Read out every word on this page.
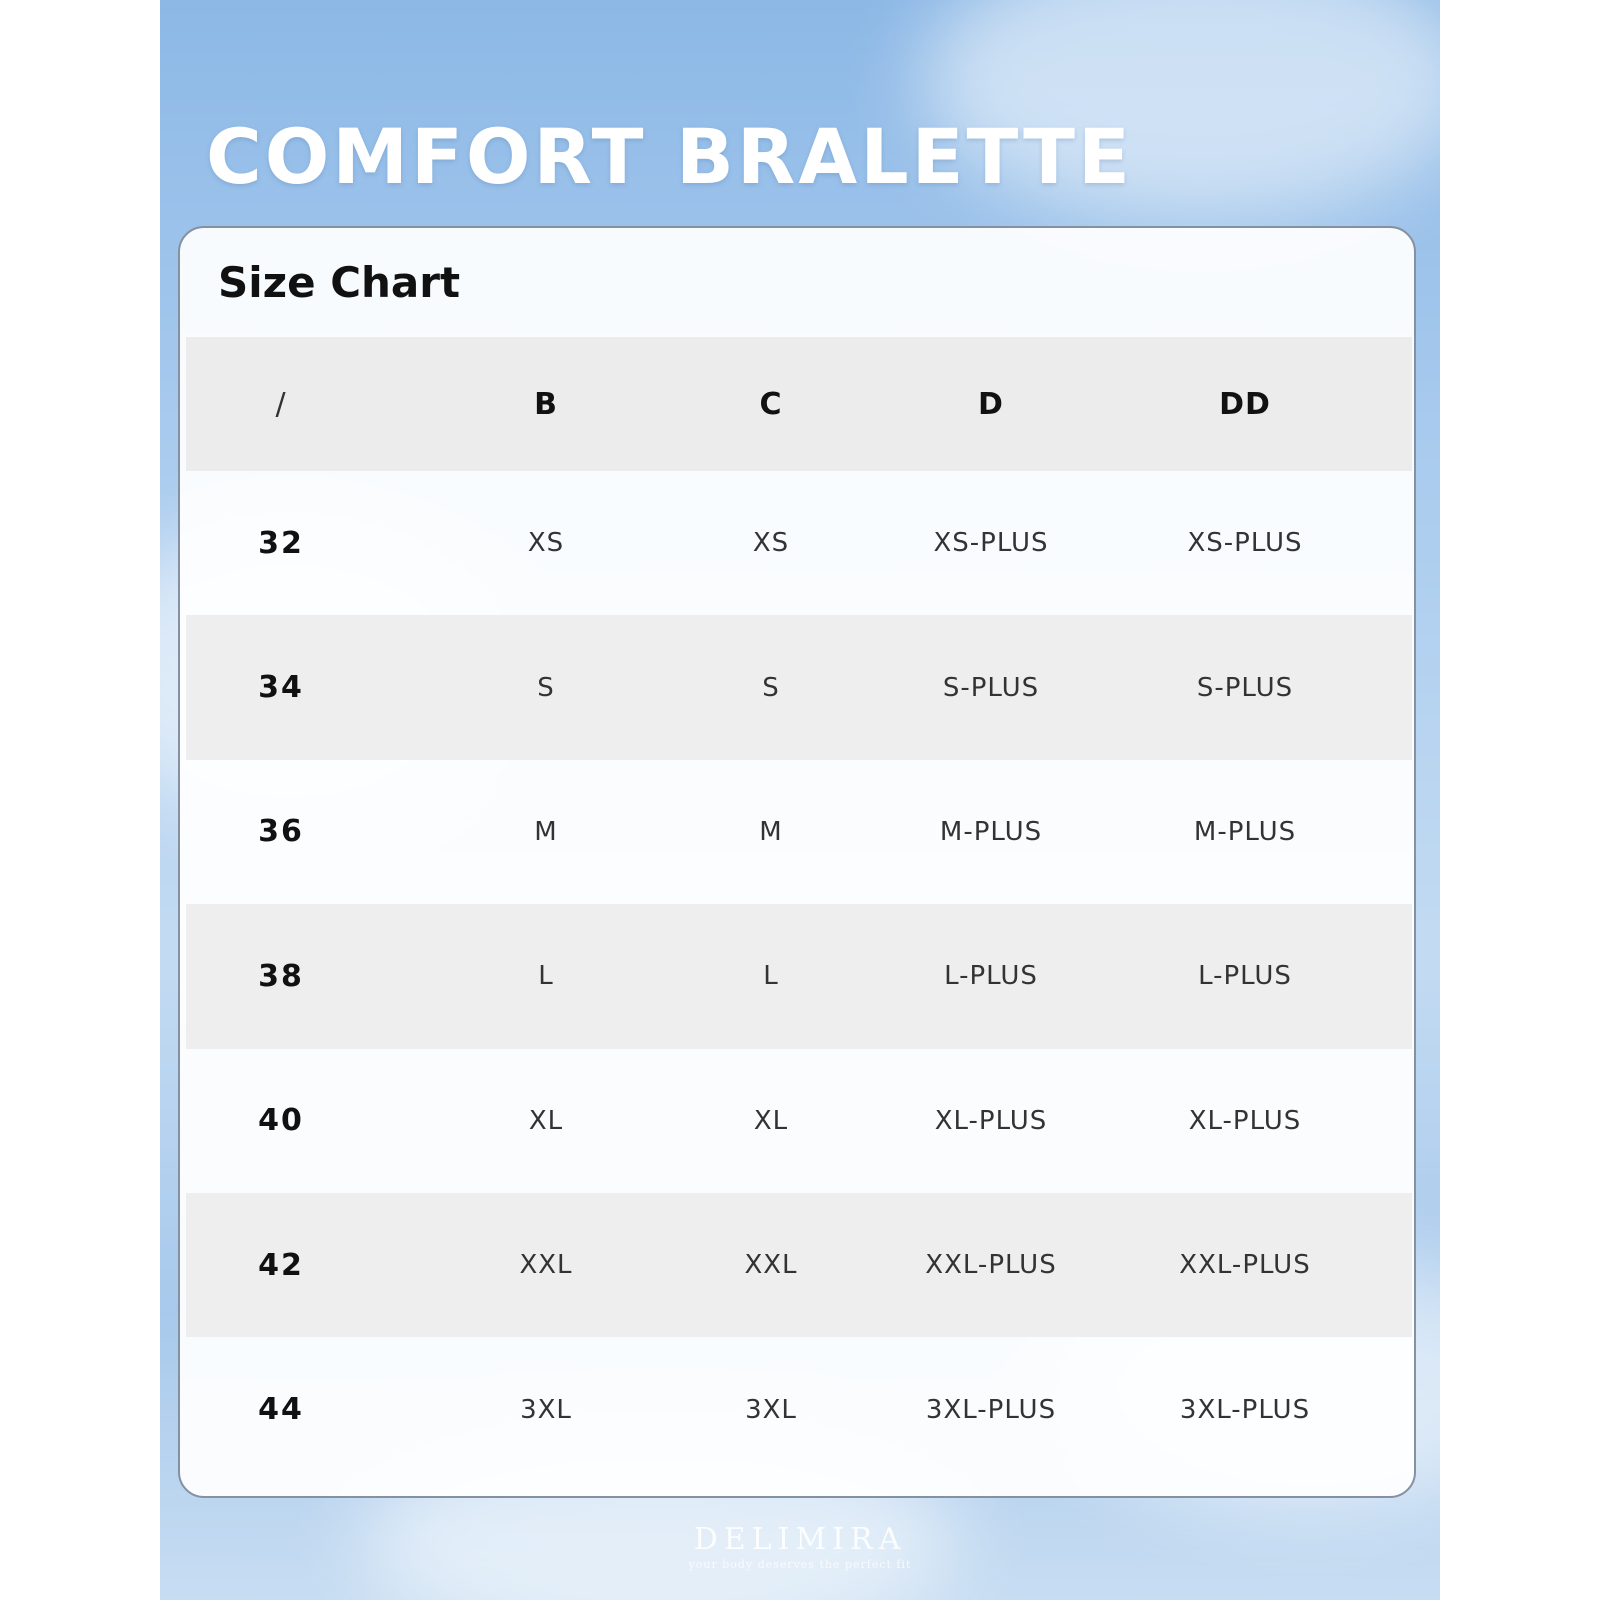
COMFORT BRALETTE
Size Chart
/	B	C	D	DD
32	XS	XS	XS-PLUS	XS-PLUS
34	S	S	S-PLUS	S-PLUS
36	M	M	M-PLUS	M-PLUS
38	L	L	L-PLUS	L-PLUS
40	XL	XL	XL-PLUS	XL-PLUS
42	XXL	XXL	XXL-PLUS	XXL-PLUS
44	3XL	3XL	3XL-PLUS	3XL-PLUS
DELIMIRA
your body deserves the perfect fit
